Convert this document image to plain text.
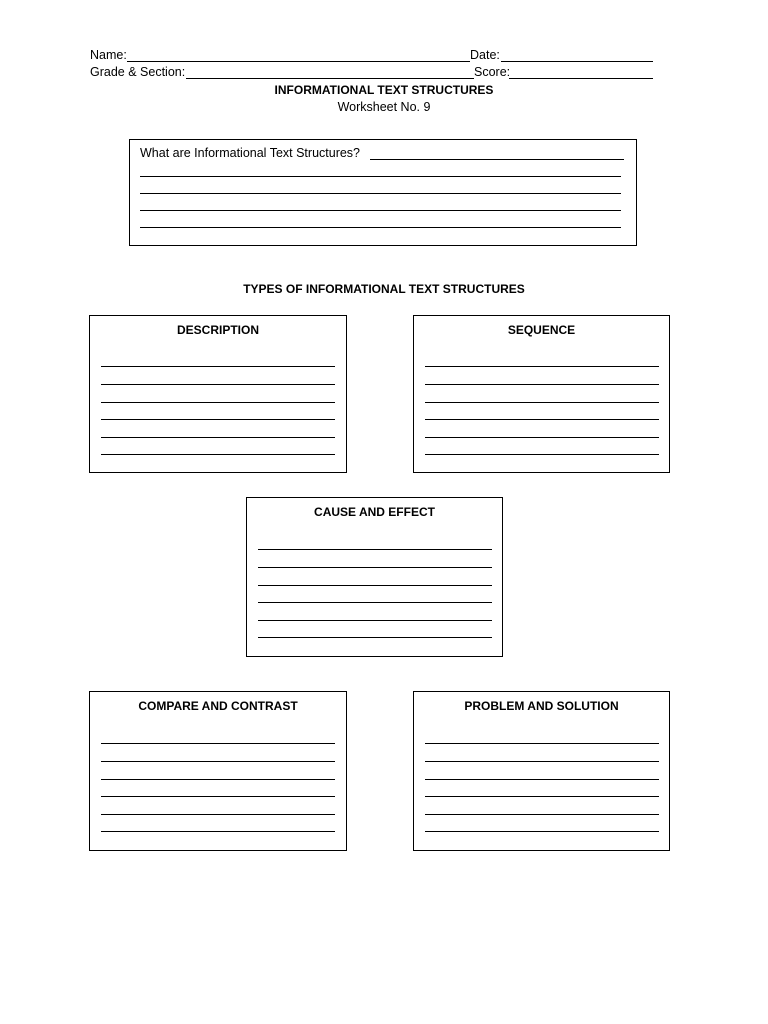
Name:	Date:
Grade & Section:	Score:
INFORMATIONAL TEXT STRUCTURES
Worksheet No. 9
What are Informational Text Structures?
TYPES OF INFORMATIONAL TEXT STRUCTURES
DESCRIPTION	SEQUENCE
CAUSE AND EFFECT
COMPARE AND CONTRAST	PROBLEM AND SOLUTION
